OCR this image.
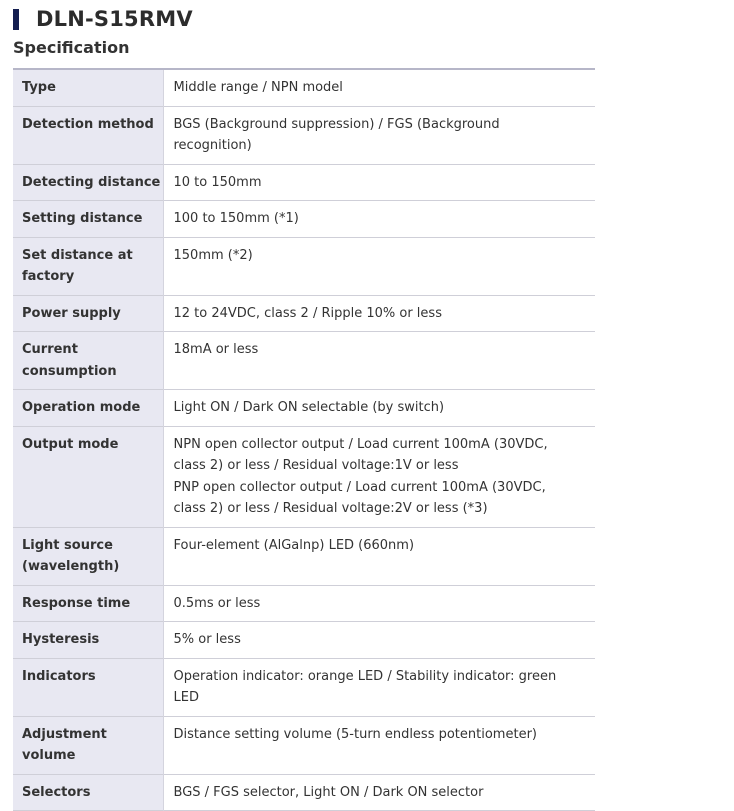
DLN-S15RMV
Specification
Type	Middle range / NPN model
Detection method	BGS (Background suppression) / FGS (Background recognition)
Detecting distance	10 to 150mm
Setting distance	100 to 150mm (*1)
Set distance at factory	150mm (*2)
Power supply	12 to 24VDC, class 2 / Ripple 10% or less
Current consumption	18mA or less
Operation mode	Light ON / Dark ON selectable (by switch)
Output mode	NPN open collector output / Load current 100mA (30VDC, class 2) or less / Residual voltage:1V or less
PNP open collector output / Load current 100mA (30VDC, class 2) or less / Residual voltage:2V or less (*3)

Light source (wavelength)	Four-element (AlGalnp) LED (660nm)
Response time	0.5ms or less
Hysteresis	5% or less
Indicators	Operation indicator: orange LED / Stability indicator: green LED
Adjustment volume	Distance setting volume (5-turn endless potentiometer)
Selectors	BGS / FGS selector, Light ON / Dark ON selector
